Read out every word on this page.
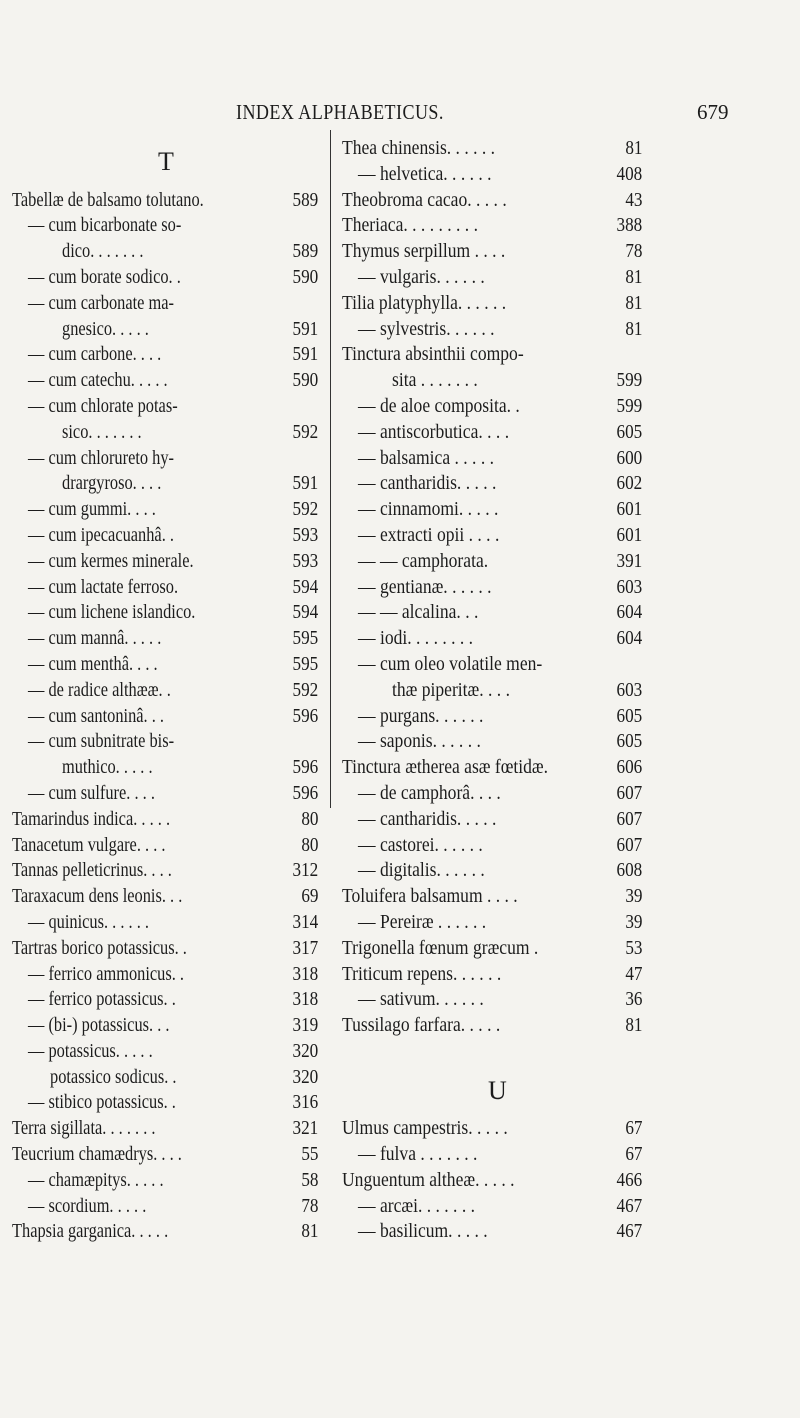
INDEX ALPHABETICUS.	679
T
Tabellæ de balsamo tolutano.	589
— cum bicarbonate so-
dico. . . . . . .	589
— cum borate sodico. .	590
— cum carbonate ma-
gnesico. . . . .	591
— cum carbone. . . .	591
— cum catechu. . . . .	590
— cum chlorate potas-
sico. . . . . . .	592
— cum chlorureto hy-
drargyroso. . . .	591
— cum gummi. . . .	592
— cum ipecacuanhâ. .	593
— cum kermes minerale.	593
— cum lactate ferroso.	594
— cum lichene islandico.	594
— cum mannâ. . . . .	595
— cum menthâ. . . .	595
— de radice althææ. .	592
— cum santoninâ. . .	596
— cum subnitrate bis-
muthico. . . . .	596
— cum sulfure. . . .	596
Tamarindus indica. . . . .	80
Tanacetum vulgare. . . .	80
Tannas pelleticrinus. . . .	312
Taraxacum dens leonis. . .	69
— quinicus. . . . . .	314
Tartras borico potassicus. .	317
— ferrico ammonicus. .	318
— ferrico potassicus. .	318
— (bi-) potassicus. . .	319
— potassicus. . . . .	320
potassico sodicus. .	320
— stibico potassicus. .	316
Terra sigillata. . . . . . .	321
Teucrium chamædrys. . . .	55
— chamæpitys. . . . .	58
— scordium. . . . .	78
Thapsia garganica. . . . .	81
Thea chinensis. . . . . .	81
— helvetica. . . . . .	408
Theobroma cacao. . . . .	43
Theriaca. . . . . . . . .	388
Thymus serpillum . . . .	78
— vulgaris. . . . . .	81
Tilia platyphylla. . . . . .	81
— sylvestris. . . . . .	81
Tinctura absinthii compo-
sita . . . . . . .	599
— de aloe composita. .	599
— antiscorbutica. . . .	605
— balsamica . . . . .	600
— cantharidis. . . . .	602
— cinnamomi. . . . .	601
— extracti opii . . . .	601
— — camphorata.	391
— gentianæ. . . . . .	603
— — alcalina. . .	604
— iodi. . . . . . . .	604
— cum oleo volatile men-
thæ piperitæ. . . .	603
— purgans. . . . . .	605
— saponis. . . . . .	605
Tinctura ætherea asæ fœtidæ.	606
— de camphorâ. . . .	607
— cantharidis. . . . .	607
— castorei. . . . . .	607
— digitalis. . . . . .	608
Toluifera balsamum . . . .	39
— Pereiræ . . . . . .	39
Trigonella fœnum græcum .	53
Triticum repens. . . . . .	47
— sativum. . . . . .	36
Tussilago farfara. . . . .	81
U
Ulmus campestris. . . . .	67
— fulva . . . . . . .	67
Unguentum altheæ. . . . .	466
— arcæi. . . . . . .	467
— basilicum. . . . .	467
